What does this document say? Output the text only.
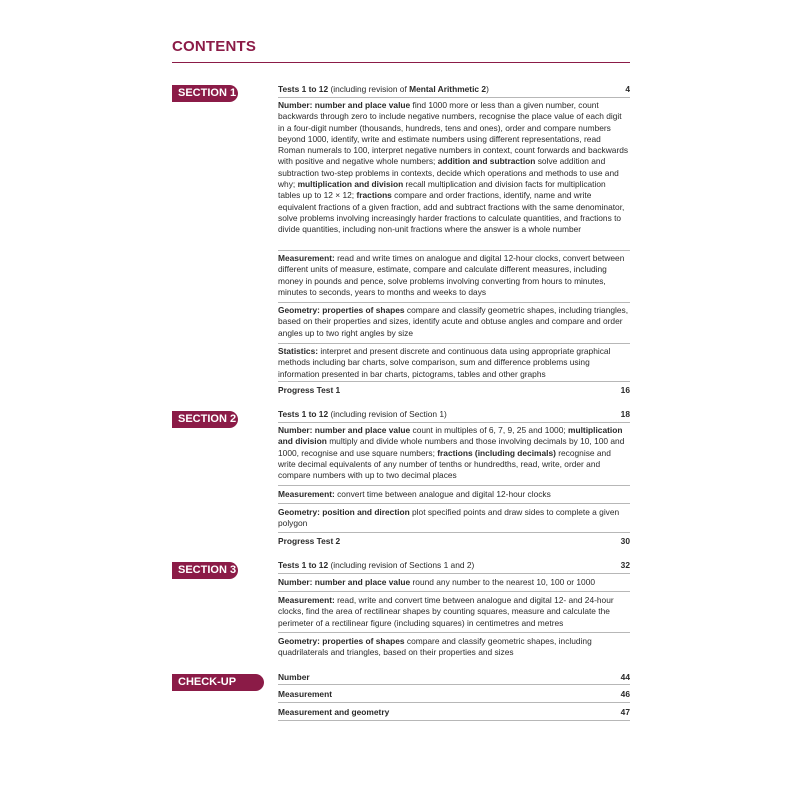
CONTENTS
SECTION 1	Tests 1 to 12 (including revision of Mental Arithmetic 2)	4
Number: number and place value find 1000 more or less than a given number, count backwards through zero to include negative numbers, recognise the place value of each digit in a four-digit number (thousands, hundreds, tens and ones), order and compare numbers beyond 1000, identify, write and estimate numbers using different representations, read Roman numerals to 100, interpret negative numbers in context, count forwards and backwards with positive and negative whole numbers; addition and subtraction solve addition and subtraction two-step problems in contexts, decide which operations and methods to use and why; multiplication and division recall multiplication and division facts for multiplication tables up to 12 × 12; fractions compare and order fractions, identify, name and write equivalent fractions of a given fraction, add and subtract fractions with the same denominator, solve problems involving increasingly harder fractions to calculate quantities, and fractions to divide quantities, including non-unit fractions where the answer is a whole number
Measurement: read and write times on analogue and digital 12-hour clocks, convert between different units of measure, estimate, compare and calculate different measures, including money in pounds and pence, solve problems involving converting from hours to minutes, minutes to seconds, years to months and weeks to days
Geometry: properties of shapes compare and classify geometric shapes, including triangles, based on their properties and sizes, identify acute and obtuse angles and compare and order angles up to two right angles by size
Statistics: interpret and present discrete and continuous data using appropriate graphical methods including bar charts, solve comparison, sum and difference problems using information presented in bar charts, pictograms, tables and other graphs
Progress Test 1	16
SECTION 2	Tests 1 to 12 (including revision of Section 1)	18
Number: number and place value count in multiples of 6, 7, 9, 25 and 1000; multiplication and division multiply and divide whole numbers and those involving decimals by 10, 100 and 1000, recognise and use square numbers; fractions (including decimals) recognise and write decimal equivalents of any number of tenths or hundredths, read, write, order and compare numbers with up to two decimal places
Measurement: convert time between analogue and digital 12-hour clocks
Geometry: position and direction plot specified points and draw sides to complete a given polygon
Progress Test 2	30
SECTION 3	Tests 1 to 12 (including revision of Sections 1 and 2)	32
Number: number and place value round any number to the nearest 10, 100 or 1000
Measurement: read, write and convert time between analogue and digital 12- and 24-hour clocks, find the area of rectilinear shapes by counting squares, measure and calculate the perimeter of a rectilinear figure (including squares) in centimetres and metres
Geometry: properties of shapes compare and classify geometric shapes, including quadrilaterals and triangles, based on their properties and sizes
CHECK-UP TESTS
Number	44
Measurement	46
Measurement and geometry	47
